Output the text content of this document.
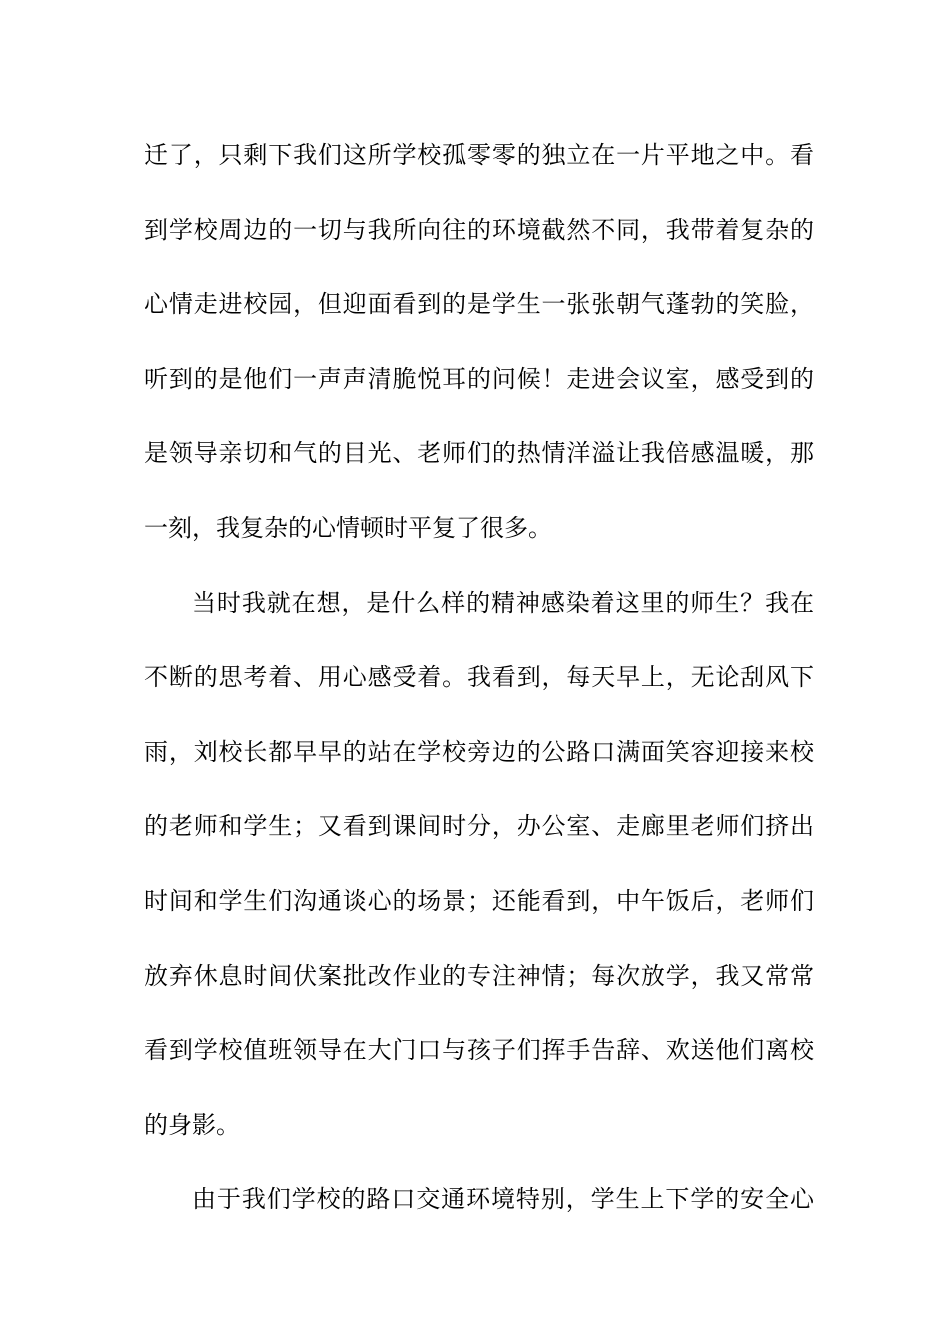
迁了，只剩下我们这所学校孤零零的独立在一片平地之中。看
到学校周边的一切与我所向往的环境截然不同，我带着复杂的
心情走进校园，但迎面看到的是学生一张张朝气蓬勃的笑脸，
听到的是他们一声声清脆悦耳的问候！走进会议室，感受到的
是领导亲切和气的目光、老师们的热情洋溢让我倍感温暖，那
一刻，我复杂的心情顿时平复了很多。
当时我就在想，是什么样的精神感染着这里的师生？我在
不断的思考着、用心感受着。我看到，每天早上，无论刮风下
雨，刘校长都早早的站在学校旁边的公路口满面笑容迎接来校
的老师和学生；又看到课间时分，办公室、走廊里老师们挤出
时间和学生们沟通谈心的场景；还能看到，中午饭后，老师们
放弃休息时间伏案批改作业的专注神情；每次放学，我又常常
看到学校值班领导在大门口与孩子们挥手告辞、欢送他们离校
的身影。
由于我们学校的路口交通环境特别，学生上下学的安全心
